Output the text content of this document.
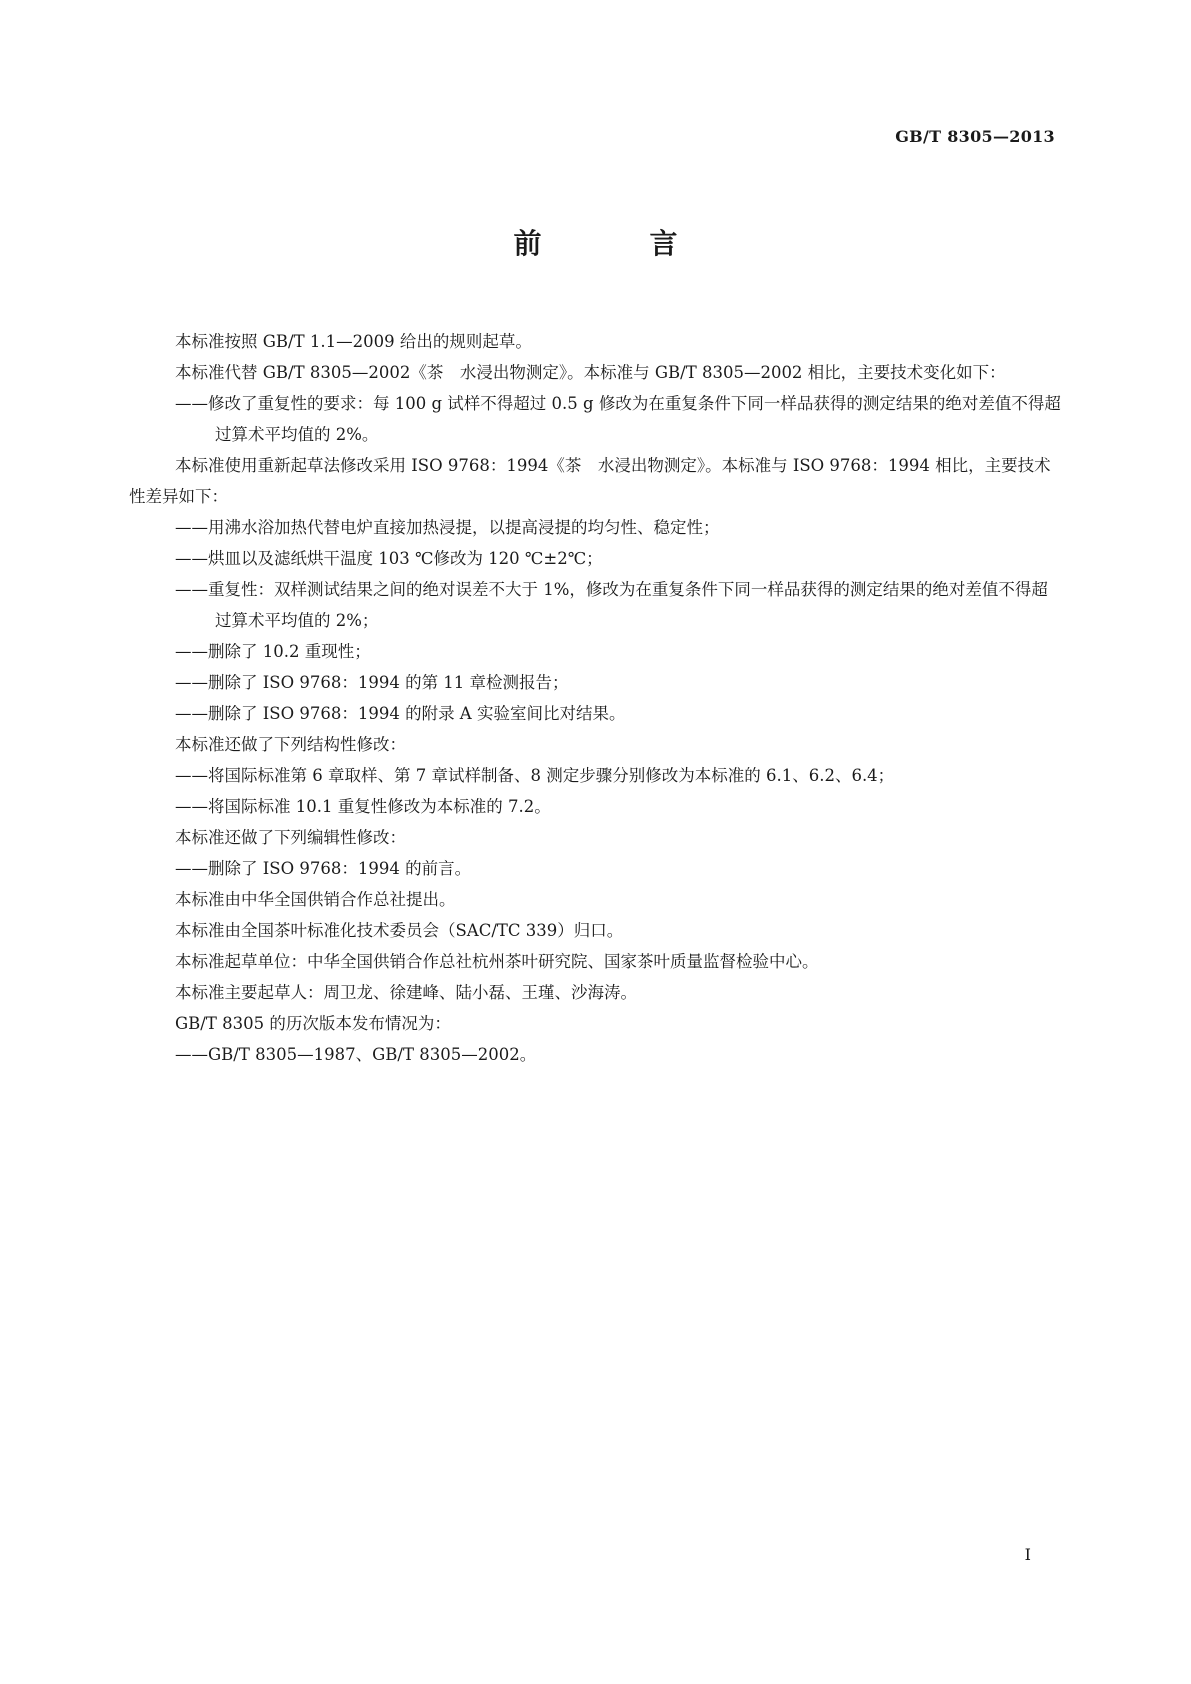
GB/T 8305—2013
前　言

本标准按照 GB/T 1.1—2009 给出的规则起草。

本标准代替 GB/T 8305—2002《茶　水浸出物测定》。本标准与 GB/T 8305—2002 相比，主要技术变化如下：

——修改了重复性的要求：每 100 g 试样不得超过 0.5 g 修改为在重复条件下同一样品获得的测定结果的绝对差值不得超过算术平均值的 2%。

本标准使用重新起草法修改采用 ISO 9768：1994《茶　水浸出物测定》。本标准与 ISO 9768：1994 相比，主要技术性差异如下：

——用沸水浴加热代替电炉直接加热浸提，以提高浸提的均匀性、稳定性；

——烘皿以及滤纸烘干温度 103 ℃修改为 120 ℃±2℃；

——重复性：双样测试结果之间的绝对误差不大于 1%，修改为在重复条件下同一样品获得的测定结果的绝对差值不得超过算术平均值的 2%；

——删除了 10.2 重现性；

——删除了 ISO 9768：1994 的第 11 章检测报告；

——删除了 ISO 9768：1994 的附录 A 实验室间比对结果。

本标准还做了下列结构性修改：

——将国际标准第 6 章取样、第 7 章试样制备、8 测定步骤分别修改为本标准的 6.1、6.2、6.4；

——将国际标准 10.1 重复性修改为本标准的 7.2。

本标准还做了下列编辑性修改：

——删除了 ISO 9768：1994 的前言。

本标准由中华全国供销合作总社提出。

本标准由全国茶叶标准化技术委员会（SAC/TC 339）归口。

本标准起草单位：中华全国供销合作总社杭州茶叶研究院、国家茶叶质量监督检验中心。

本标准主要起草人：周卫龙、徐建峰、陆小磊、王瑾、沙海涛。

GB/T 8305 的历次版本发布情况为：

——GB/T 8305—1987、GB/T 8305—2002。

I
